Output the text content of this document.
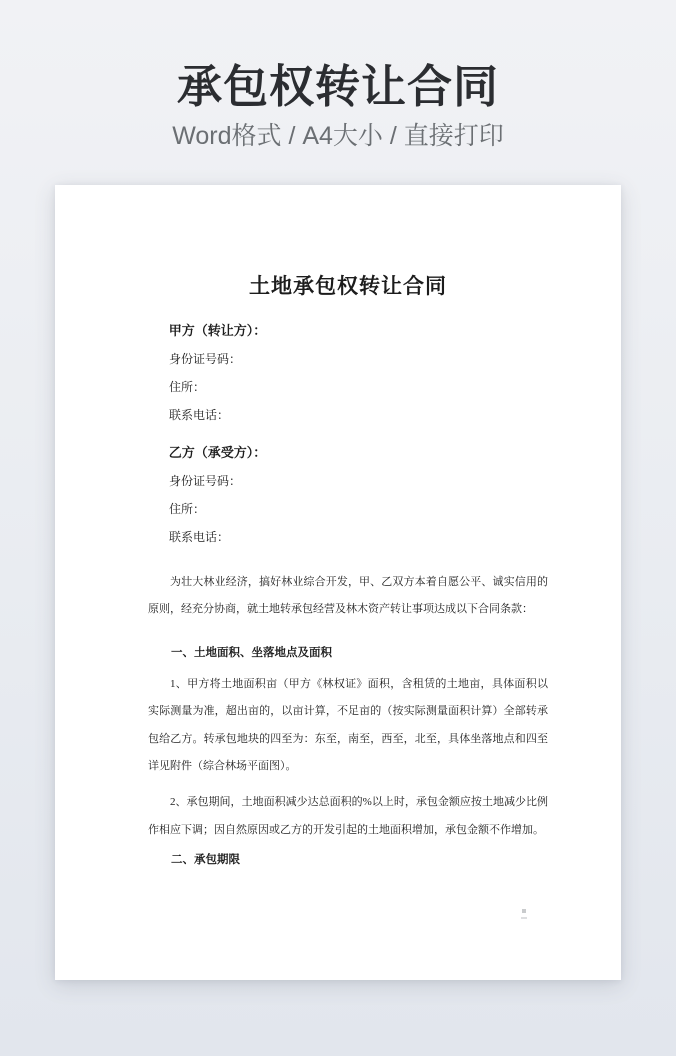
承包权转让合同

Word格式 / A4大小 / 直接打印

土地承包权转让合同

甲方（转让方）：

身份证号码：

住所：

联系电话：

乙方（承受方）：

身份证号码：

住所：

联系电话：

为壮大林业经济，搞好林业综合开发，甲、乙双方本着自愿公平、诚实信用的原则，经充分协商，就土地转承包经营及林木资产转让事项达成以下合同条款：

一、土地面积、坐落地点及面积

1、甲方将土地面积亩（甲方《林权证》面积，含租赁的土地亩，具体面积以实际测量为准，超出亩的，以亩计算，不足亩的（按实际测量面积计算）全部转承包给乙方。转承包地块的四至为：东至，南至，西至，北至，具体坐落地点和四至详见附件（综合林场平面图）。

2、承包期间，土地面积减少达总面积的%以上时，承包金额应按土地减少比例作相应下调；因自然原因或乙方的开发引起的土地面积增加，承包金额不作增加。

二、承包期限
